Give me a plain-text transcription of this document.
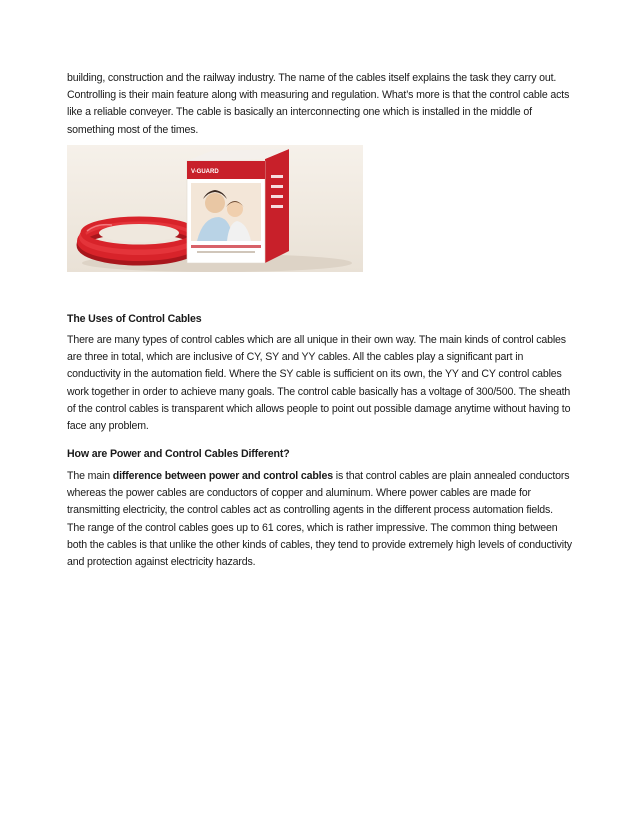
building, construction and the railway industry. The name of the cables itself explains the task they carry out. Controlling is their main feature along with measuring and regulation. What’s more is that the control cable acts like a reliable conveyer. The cable is basically an interconnecting one which is installed in the middle of something most of the times.

V-GUARD

The Uses of Control Cables

There are many types of control cables which are all unique in their own way. The main kinds of control cables are three in total, which are inclusive of CY, SY and YY cables. All the cables play a significant part in conductivity in the automation field. Where the SY cable is sufficient on its own, the YY and CY control cables work together in order to achieve many goals. The control cable basically has a voltage of 300/500. The sheath of the control cables is transparent which allows people to point out possible damage anytime without having to face any problem.

How are Power and Control Cables Different?

The main difference between power and control cables is that control cables are plain annealed conductors whereas the power cables are conductors of copper and aluminum. Where power cables are made for transmitting electricity, the control cables act as controlling agents in the different process automation fields. The range of the control cables goes up to 61 cores, which is rather impressive. The common thing between both the cables is that unlike the other kinds of cables, they tend to provide extremely high levels of conductivity and protection against electricity hazards.
